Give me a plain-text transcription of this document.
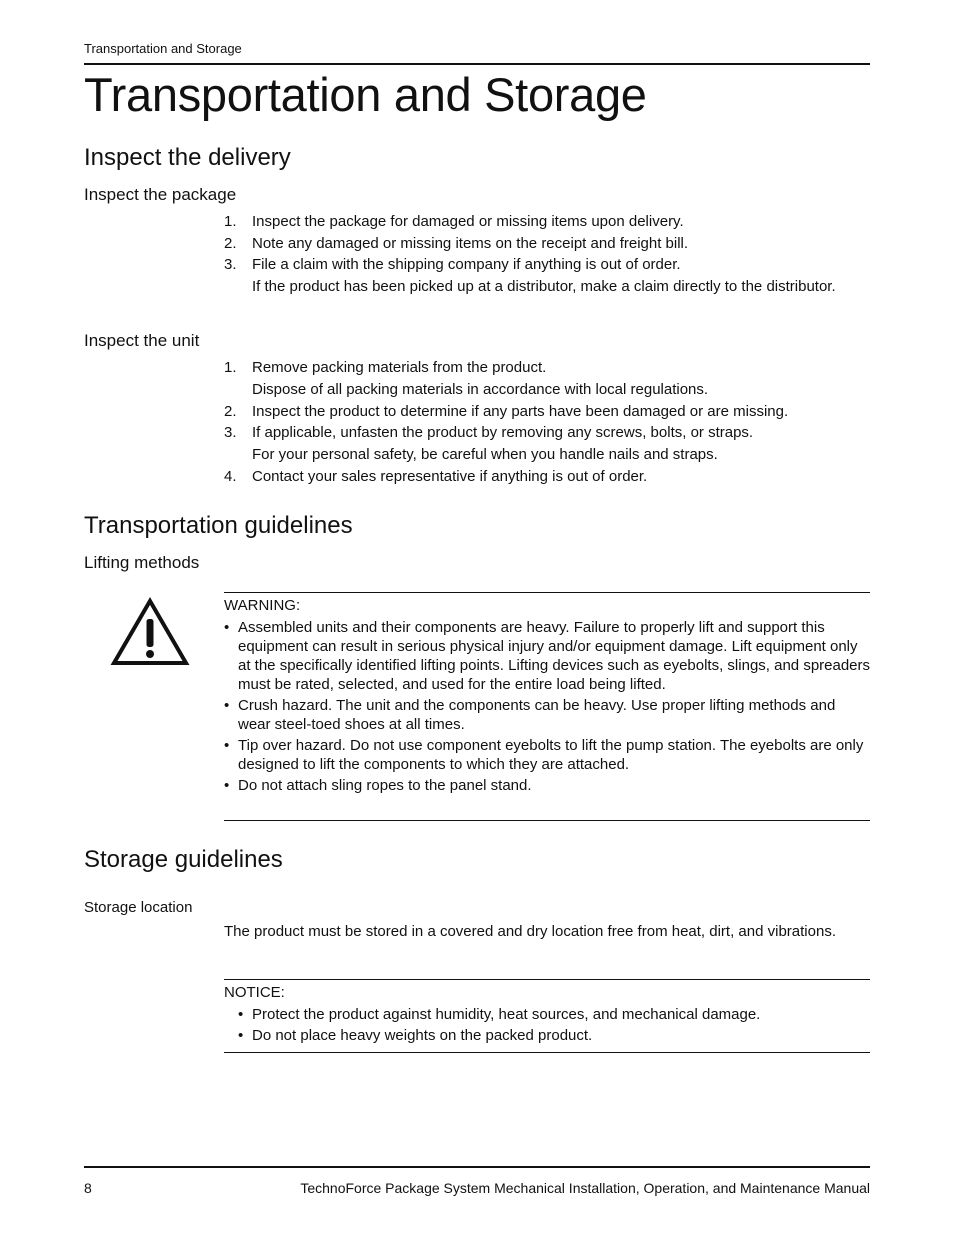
Transportation and Storage
Transportation and Storage
Inspect the delivery
Inspect the package
1. Inspect the package for damaged or missing items upon delivery.
2. Note any damaged or missing items on the receipt and freight bill.
3. File a claim with the shipping company if anything is out of order.
If the product has been picked up at a distributor, make a claim directly to the distributor.
Inspect the unit
1. Remove packing materials from the product.
Dispose of all packing materials in accordance with local regulations.
2. Inspect the product to determine if any parts have been damaged or are missing.
3. If applicable, unfasten the product by removing any screws, bolts, or straps.
For your personal safety, be careful when you handle nails and straps.
4. Contact your sales representative if anything is out of order.
Transportation guidelines
Lifting methods
WARNING:
• Assembled units and their components are heavy. Failure to properly lift and support this equipment can result in serious physical injury and/or equipment damage. Lift equipment only at the specifically identified lifting points. Lifting devices such as eyebolts, slings, and spreaders must be rated, selected, and used for the entire load being lifted.
• Crush hazard. The unit and the components can be heavy. Use proper lifting methods and wear steel-toed shoes at all times.
• Tip over hazard. Do not use component eyebolts to lift the pump station. The eyebolts are only designed to lift the components to which they are attached.
• Do not attach sling ropes to the panel stand.
Storage guidelines
Storage location
The product must be stored in a covered and dry location free from heat, dirt, and vibrations.
NOTICE:
• Protect the product against humidity, heat sources, and mechanical damage.
• Do not place heavy weights on the packed product.
8	TechnoForce Package System Mechanical Installation, Operation, and Maintenance Manual
